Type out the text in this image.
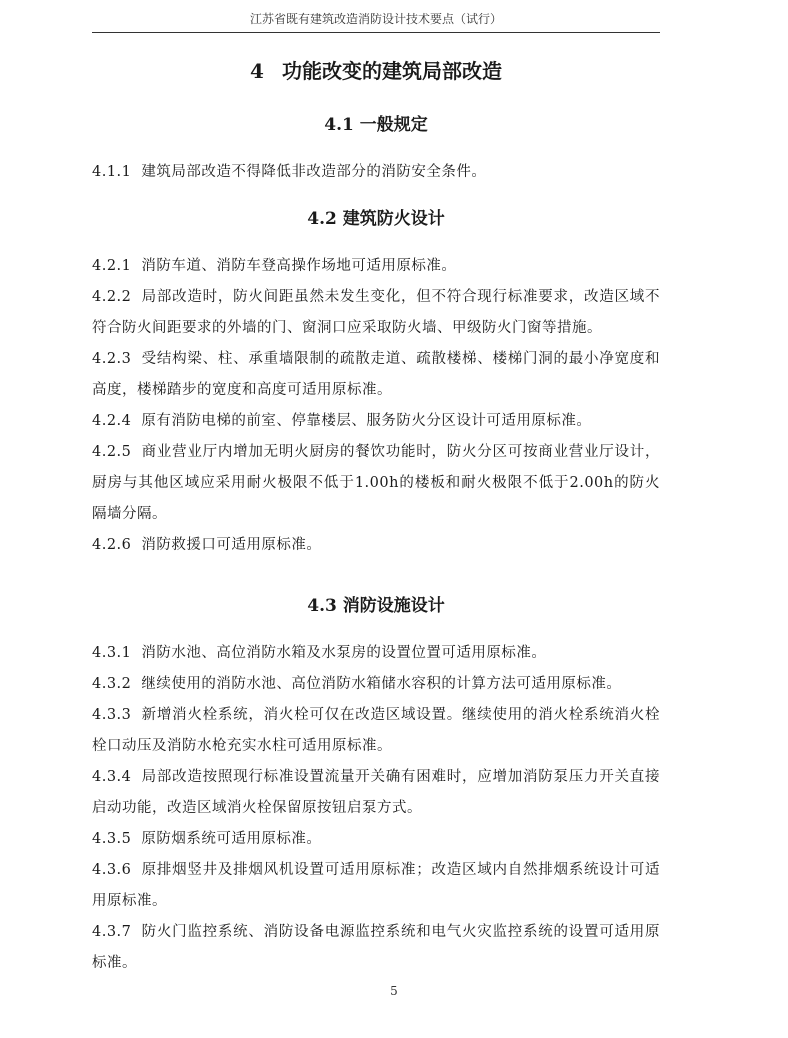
江苏省既有建筑改造消防设计技术要点（试行）
4 功能改变的建筑局部改造
4.1 一般规定

4.1.1 建筑局部改造不得降低非改造部分的消防安全条件。

4.2 建筑防火设计

4.2.1 消防车道、消防车登高操作场地可适用原标准。

4.2.2 局部改造时，防火间距虽然未发生变化，但不符合现行标准要求，改造区域不符合防火间距要求的外墙的门、窗洞口应采取防火墙、甲级防火门窗等措施。

4.2.3 受结构梁、柱、承重墙限制的疏散走道、疏散楼梯、楼梯门洞的最小净宽度和高度，楼梯踏步的宽度和高度可适用原标准。

4.2.4 原有消防电梯的前室、停靠楼层、服务防火分区设计可适用原标准。

4.2.5 商业营业厅内增加无明火厨房的餐饮功能时，防火分区可按商业营业厅设计，厨房与其他区域应采用耐火极限不低于1.00h的楼板和耐火极限不低于2.00h的防火隔墙分隔。

4.2.6 消防救援口可适用原标准。

4.3 消防设施设计

4.3.1 消防水池、高位消防水箱及水泵房的设置位置可适用原标准。

4.3.2 继续使用的消防水池、高位消防水箱储水容积的计算方法可适用原标准。

4.3.3 新增消火栓系统，消火栓可仅在改造区域设置。继续使用的消火栓系统消火栓栓口动压及消防水枪充实水柱可适用原标准。

4.3.4 局部改造按照现行标准设置流量开关确有困难时，应增加消防泵压力开关直接启动功能，改造区域消火栓保留原按钮启泵方式。

4.3.5 原防烟系统可适用原标准。

4.3.6 原排烟竖井及排烟风机设置可适用原标准；改造区域内自然排烟系统设计可适用原标准。

4.3.7 防火门监控系统、消防设备电源监控系统和电气火灾监控系统的设置可适用原标准。

5
